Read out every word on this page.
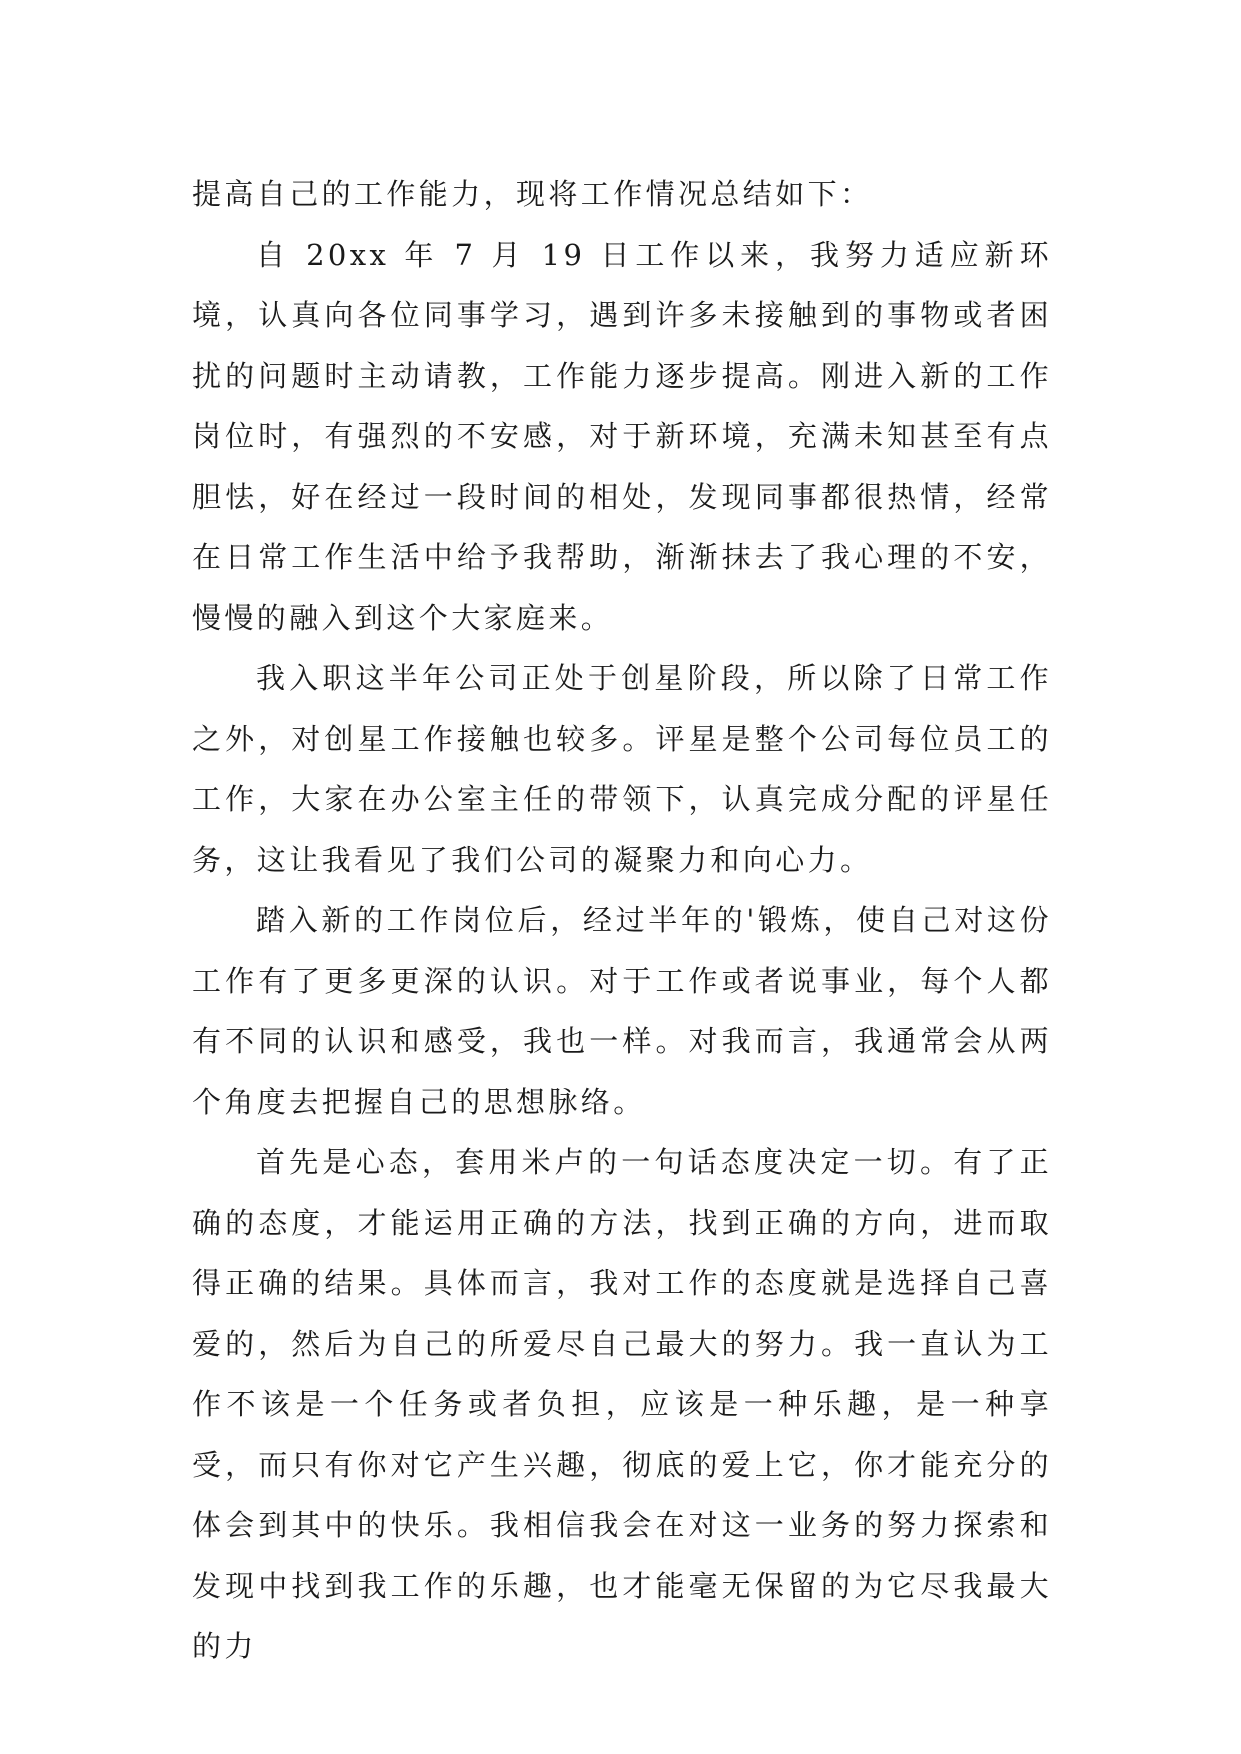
提高自己的工作能力，现将工作情况总结如下：

自 20xx 年 7 月 19 日工作以来，我努力适应新环境，认真向各位同事学习，遇到许多未接触到的事物或者困扰的问题时主动请教，工作能力逐步提高。刚进入新的工作岗位时，有强烈的不安感，对于新环境，充满未知甚至有点胆怯，好在经过一段时间的相处，发现同事都很热情，经常在日常工作生活中给予我帮助，渐渐抹去了我心理的不安，慢慢的融入到这个大家庭来。

我入职这半年公司正处于创星阶段，所以除了日常工作之外，对创星工作接触也较多。评星是整个公司每位员工的工作，大家在办公室主任的带领下，认真完成分配的评星任务，这让我看见了我们公司的凝聚力和向心力。

踏入新的工作岗位后，经过半年的'锻炼，使自己对这份工作有了更多更深的认识。对于工作或者说事业，每个人都有不同的认识和感受，我也一样。对我而言，我通常会从两个角度去把握自己的思想脉络。

首先是心态，套用米卢的一句话态度决定一切。有了正确的态度，才能运用正确的方法，找到正确的方向，进而取得正确的结果。具体而言，我对工作的态度就是选择自己喜爱的，然后为自己的所爱尽自己最大的努力。我一直认为工作不该是一个任务或者负担，应该是一种乐趣，是一种享受，而只有你对它产生兴趣，彻底的爱上它，你才能充分的体会到其中的快乐。我相信我会在对这一业务的努力探索和发现中找到我工作的乐趣，也才能毫无保留的为它尽我最大的力
